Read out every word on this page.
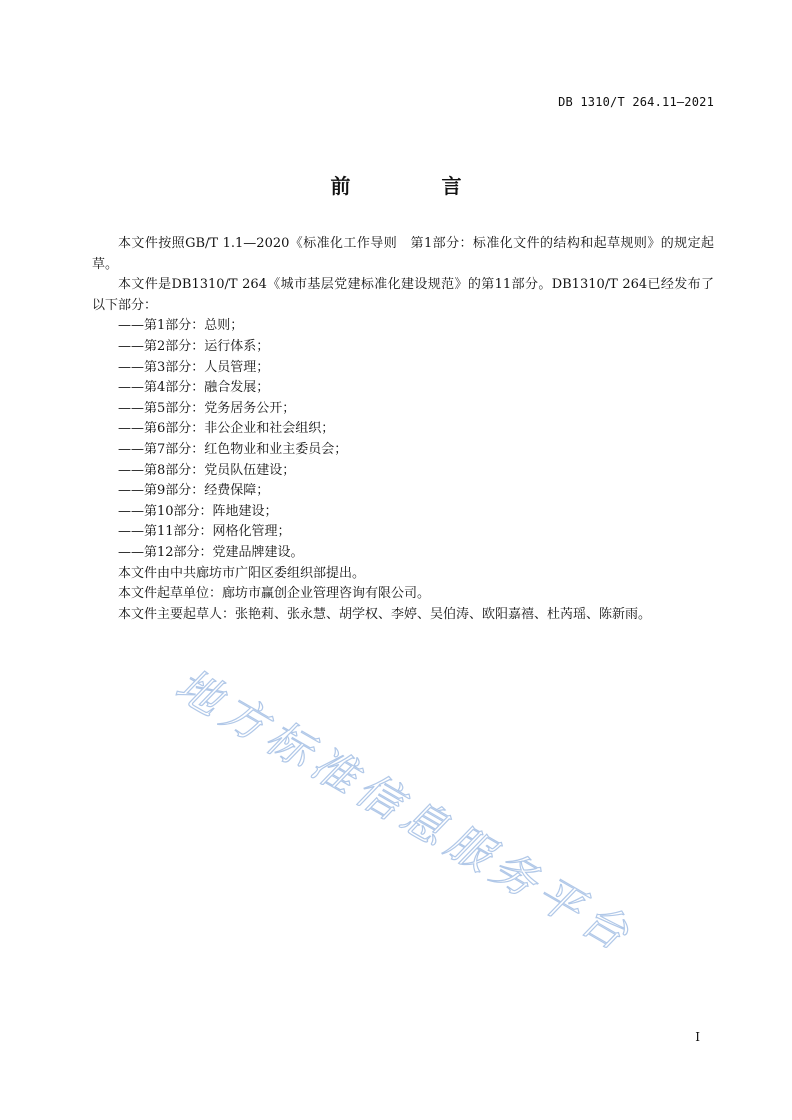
DB 1310/T 264.11—2021
前 言

本文件按照GB/T 1.1—2020《标准化工作导则　第1部分：标准化文件的结构和起草规则》的规定起草。

本文件是DB1310/T 264《城市基层党建标准化建设规范》的第11部分。DB1310/T 264已经发布了以下部分：

——第1部分：总则；
——第2部分：运行体系；
——第3部分：人员管理；
——第4部分：融合发展；
——第5部分：党务居务公开；
——第6部分：非公企业和社会组织；
——第7部分：红色物业和业主委员会；
——第8部分：党员队伍建设；
——第9部分：经费保障；
——第10部分：阵地建设；
——第11部分：网格化管理；
——第12部分：党建品牌建设。

本文件由中共廊坊市广阳区委组织部提出。

本文件起草单位：廊坊市赢创企业管理咨询有限公司。

本文件主要起草人：张艳莉、张永慧、胡学权、李婷、吴伯涛、欧阳嘉禧、杜芮瑶、陈新雨。

地方标准信息服务平台
I
